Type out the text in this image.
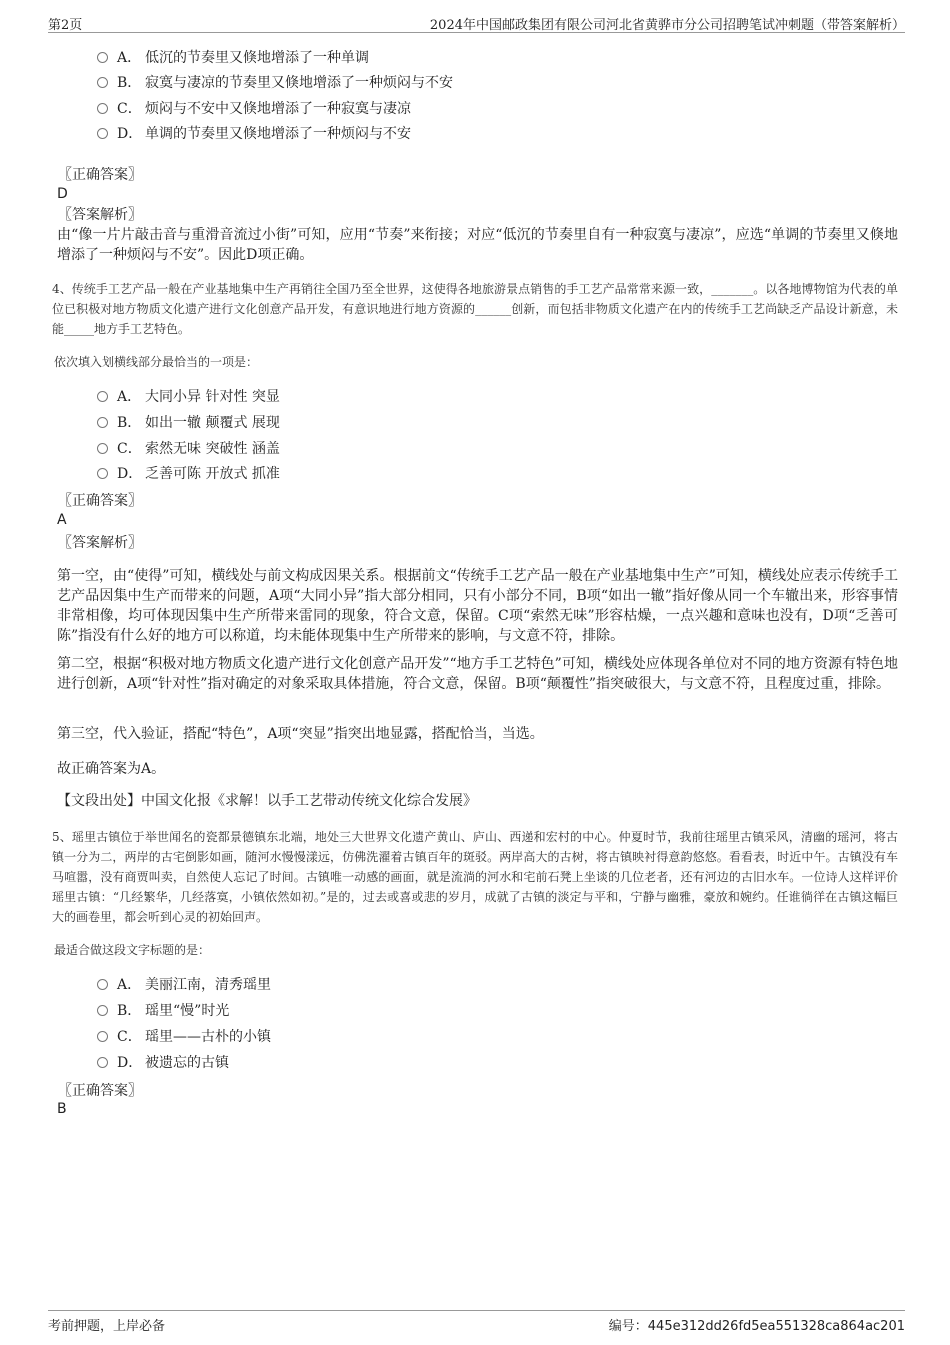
第2页	2024年中国邮政集团有限公司河北省黄骅市分公司招聘笔试冲刺题（带答案解析）
A． 低沉的节奏里又倏地增添了一种单调
B． 寂寞与凄凉的节奏里又倏地增添了一种烦闷与不安
C． 烦闷与不安中又倏地增添了一种寂寞与凄凉
D． 单调的节奏里又倏地增添了一种烦闷与不安
〖正确答案〗
D
〖答案解析〗
由“像一片片敲击音与重滑音流过小街”可知，应用“节奏”来衔接；对应“低沉的节奏里自有一种寂寞与凄凉”，应选“单调的节奏里又倏地增添了一种烦闷与不安”。因此D项正确。
4、传统手工艺产品一般在产业基地集中生产再销往全国乃至全世界，这使得各地旅游景点销售的手工艺产品常常来源一致，_______。以各地博物馆为代表的单位已积极对地方物质文化遗产进行文化创意产品开发，有意识地进行地方资源的______创新，而包括非物质文化遗产在内的传统手工艺尚缺乏产品设计新意，未能_____地方手工艺特色。
依次填入划横线部分最恰当的一项是：
A． 大同小异 针对性 突显
B． 如出一辙 颠覆式 展现
C． 索然无味 突破性 涵盖
D． 乏善可陈 开放式 抓准
〖正确答案〗
A
〖答案解析〗
第一空，由“使得”可知，横线处与前文构成因果关系。根据前文“传统手工艺产品一般在产业基地集中生产”可知，横线处应表示传统手工艺产品因集中生产而带来的问题，A项“大同小异”指大部分相同，只有小部分不同，B项“如出一辙”指好像从同一个车辙出来，形容事情非常相像，均可体现因集中生产所带来雷同的现象，符合文意，保留。C项“索然无味”形容枯燥，一点兴趣和意味也没有，D项“乏善可陈”指没有什么好的地方可以称道，均未能体现集中生产所带来的影响，与文意不符，排除。
第二空，根据“积极对地方物质文化遗产进行文化创意产品开发”“地方手工艺特色”可知，横线处应体现各单位对不同的地方资源有特色地进行创新，A项“针对性”指对确定的对象采取具体措施，符合文意，保留。B项“颠覆性”指突破很大，与文意不符，且程度过重，排除。
第三空，代入验证，搭配“特色”，A项“突显”指突出地显露，搭配恰当，当选。
故正确答案为A。
【文段出处】中国文化报《求解！以手工艺带动传统文化综合发展》
5、瑶里古镇位于举世闻名的瓷都景德镇东北端，地处三大世界文化遗产黄山、庐山、西递和宏村的中心。仲夏时节，我前往瑶里古镇采风，清幽的瑶河，将古镇一分为二，两岸的古宅倒影如画，随河水慢慢漾远，仿佛洗濯着古镇百年的斑驳。两岸高大的古树，将古镇映衬得意韵悠悠。看看表，时近中午。古镇没有车马喧嚣，没有商贾叫卖，自然使人忘记了时间。古镇唯一动感的画面，就是流淌的河水和宅前石凳上坐谈的几位老者，还有河边的古旧水车。一位诗人这样评价瑶里古镇：“几经繁华，几经落寞，小镇依然如初。”是的，过去或喜或悲的岁月，成就了古镇的淡定与平和，宁静与幽雅，豪放和婉约。任谁徜徉在古镇这幅巨大的画卷里，都会听到心灵的初始回声。
最适合做这段文字标题的是：
A． 美丽江南，清秀瑶里
B． 瑶里“慢”时光
C． 瑶里——古朴的小镇
D． 被遗忘的古镇
〖正确答案〗
B
考前押题，上岸必备	编号：445e312dd26fd5ea551328ca864ac201
